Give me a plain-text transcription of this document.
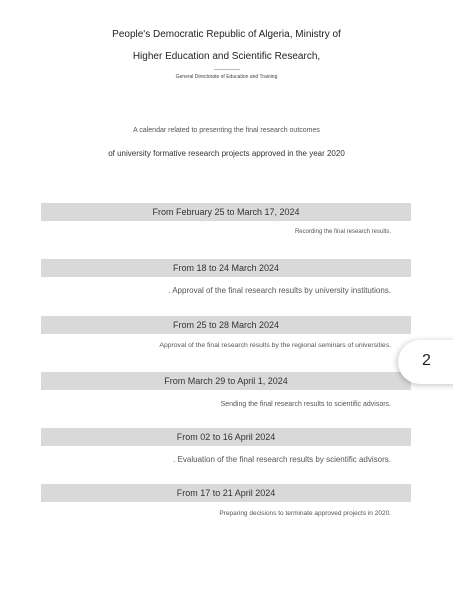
People's Democratic Republic of Algeria, Ministry of
Higher Education and Scientific Research,
General Directorate of Education and Training
A calendar related to presenting the final research outcomes
of university formative research projects approved in the year 2020
From February 25 to March 17, 2024
Recording the final research results.
From 18 to 24 March 2024
. Approval of the final research results by university institutions.
From 25 to 28 March 2024
Approval of the final research results by the regional seminars of universities.
From March 29 to April 1, 2024
Sending the final research results to scientific advisors.
From 02 to 16 April 2024
. Evaluation of the final research results by scientific advisors.
From 17 to 21 April 2024
Preparing decisions to terminate approved projects in 2020.
2
